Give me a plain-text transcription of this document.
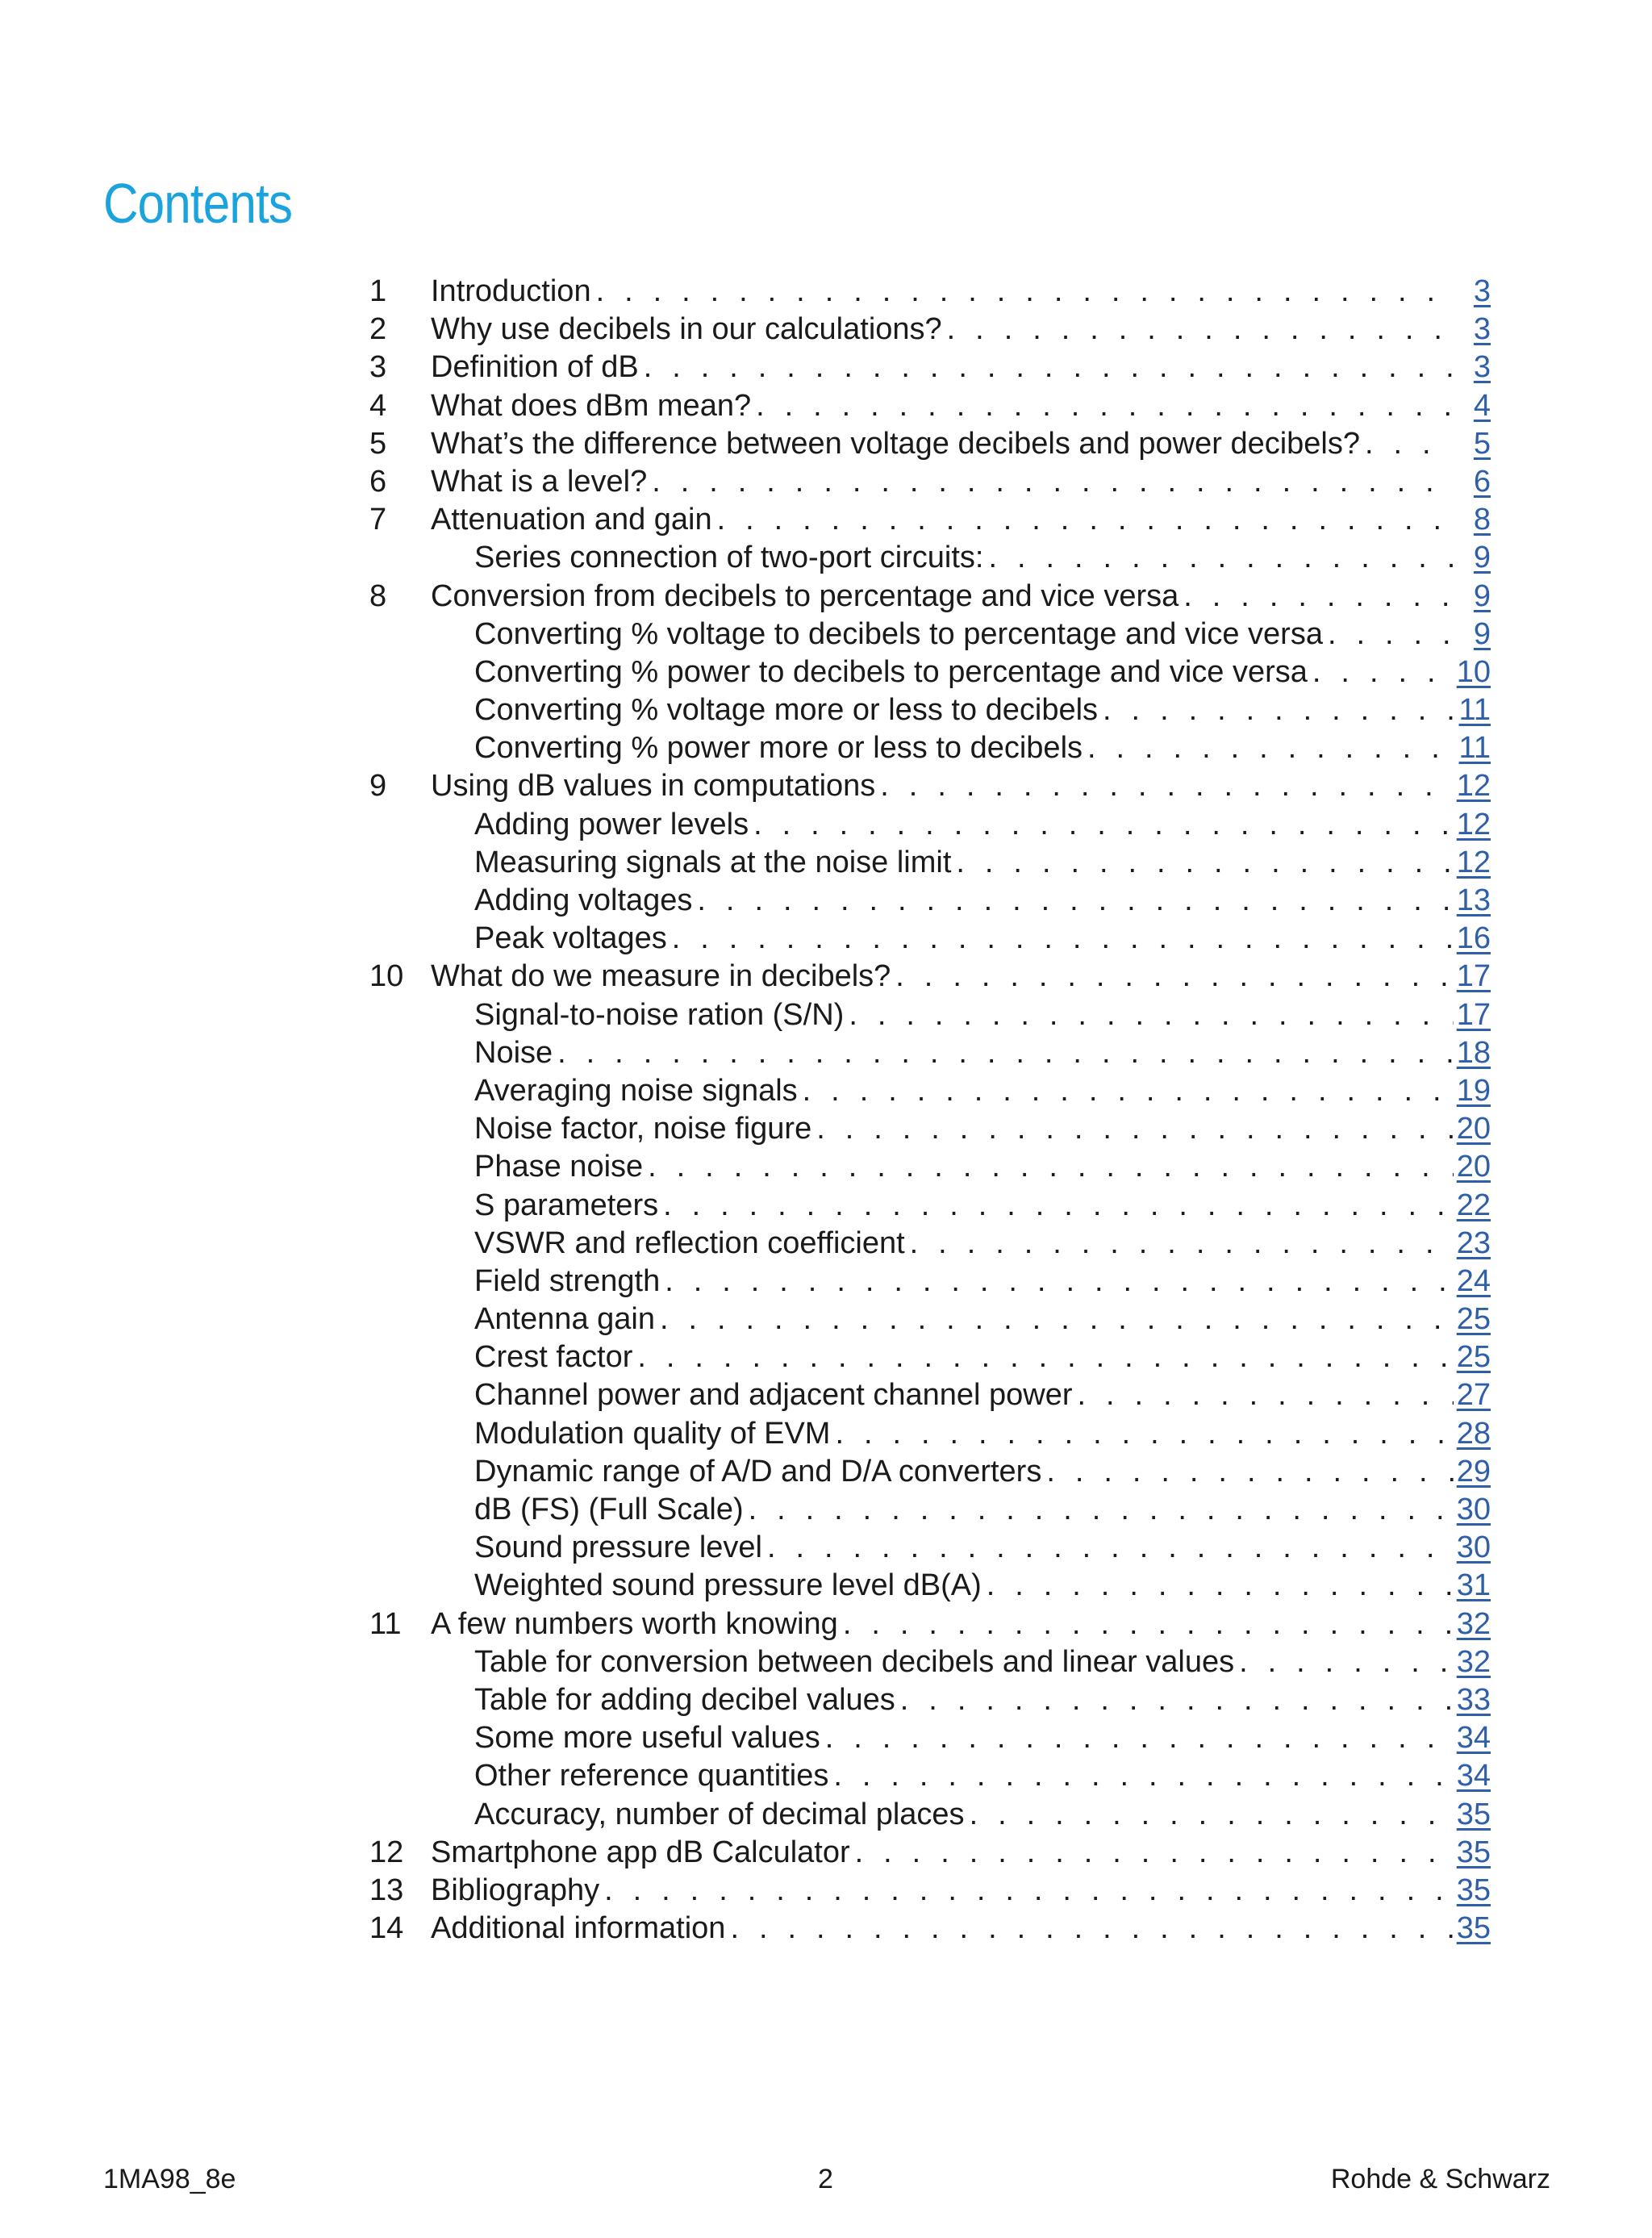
Contents
1 Introduction . . .	3
2 Why use decibels in our calculations? . . .	3
3 Definition of dB . . .	3
4 What does dBm mean? . . .	4
5 What’s the difference between voltage decibels and power decibels? . . .	5
6 What is a level? . . .	6
7 Attenuation and gain . . .	8
Series connection of two-port circuits: . . .	9
8 Conversion from decibels to percentage and vice versa . . .	9
Converting % voltage to decibels to percentage and vice versa . . .	9
Converting % power to decibels to percentage and vice versa . . .	10
Converting % voltage more or less to decibels . . .	11
Converting % power more or less to decibels . . .	11
9 Using dB values in computations . . .	12
Adding power levels . . .	12
Measuring signals at the noise limit . . .	12
Adding voltages . . .	13
Peak voltages . . .	16
10 What do we measure in decibels? . . .	17
Signal-to-noise ration (S/N) . . .	17
Noise . . .	18
Averaging noise signals . . .	19
Noise factor, noise figure . . .	20
Phase noise . . .	20
S parameters . . .	22
VSWR and reflection coefficient . . .	23
Field strength . . .	24
Antenna gain . . .	25
Crest factor . . .	25
Channel power and adjacent channel power . . .	27
Modulation quality of EVM . . .	28
Dynamic range of A/D and D/A converters . . .	29
dB (FS) (Full Scale) . . .	30
Sound pressure level . . .	30
Weighted sound pressure level dB(A) . . .	31
11 A few numbers worth knowing . . .	32
Table for conversion between decibels and linear values . . .	32
Table for adding decibel values . . .	33
Some more useful values . . .	34
Other reference quantities . . .	34
Accuracy, number of decimal places . . .	35
12 Smartphone app dB Calculator . . .	35
13 Bibliography . . .	35
14 Additional information . . .	35
1MA98_8e	2	Rohde & Schwarz
